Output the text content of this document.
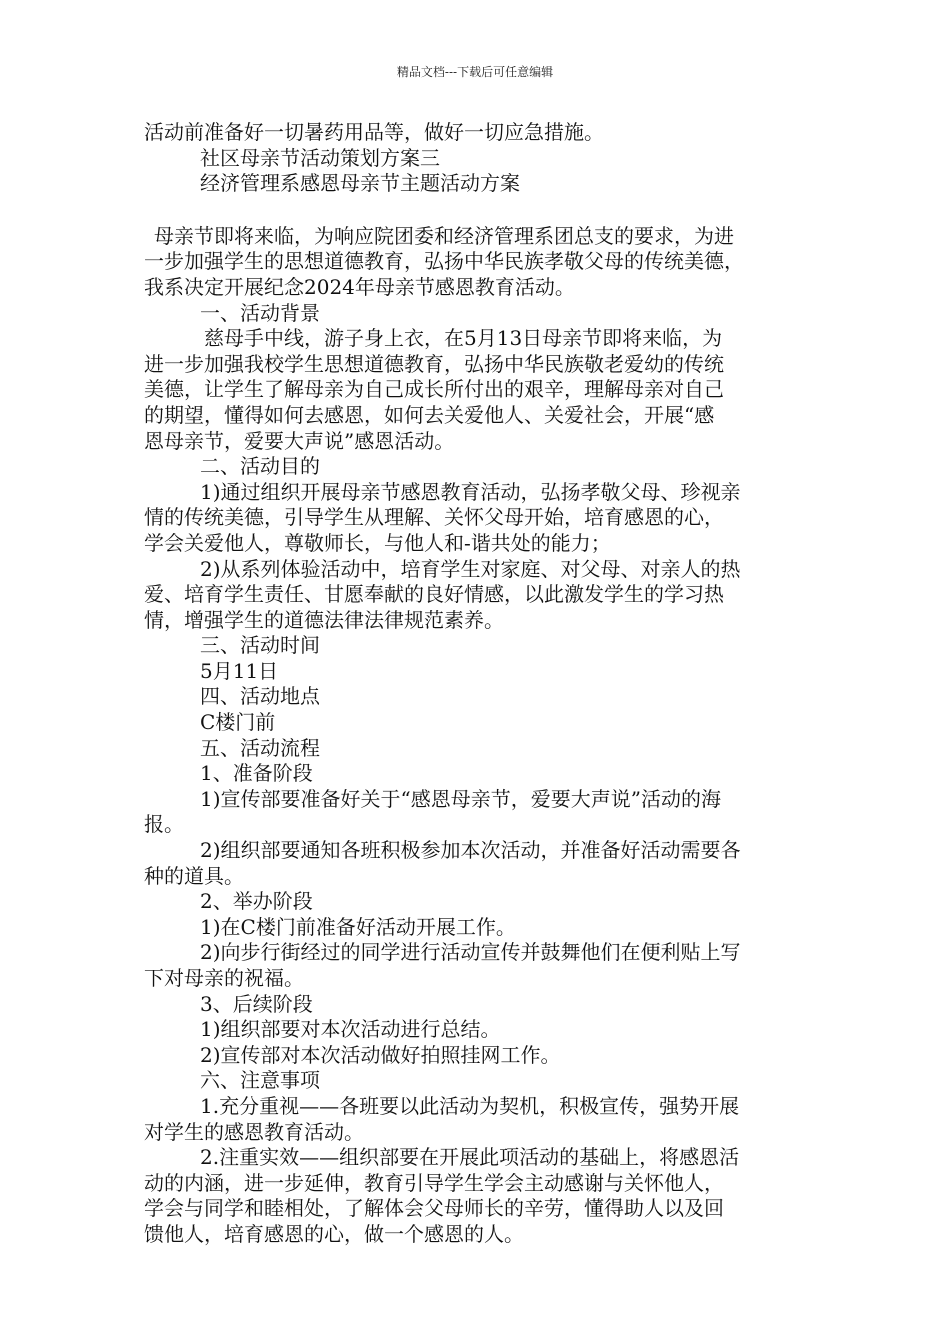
精品文档---下载后可任意编辑
活动前准备好一切暑药用品等，做好一切应急措施。
社区母亲节活动策划方案三
经济管理系感恩母亲节主题活动方案
母亲节即将来临，为响应院团委和经济管理系团总支的要求，为进
一步加强学生的思想道德教育，弘扬中华民族孝敬父母的传统美德，
我系决定开展纪念2024年母亲节感恩教育活动。
一、活动背景
慈母手中线，游子身上衣，在5月13日母亲节即将来临，为
进一步加强我校学生思想道德教育，弘扬中华民族敬老爱幼的传统
美德，让学生了解母亲为自己成长所付出的艰辛，理解母亲对自己
的期望，懂得如何去感恩，如何去关爱他人、关爱社会，开展“感
恩母亲节，爱要大声说”感恩活动。
二、活动目的
1)通过组织开展母亲节感恩教育活动，弘扬孝敬父母、珍视亲
情的传统美德，引导学生从理解、关怀父母开始，培育感恩的心，
学会关爱他人，尊敬师长，与他人和-谐共处的能力；
2)从系列体验活动中，培育学生对家庭、对父母、对亲人的热
爱、培育学生责任、甘愿奉献的良好情感，以此激发学生的学习热
情，增强学生的道德法律法律规范素养。
三、活动时间
5月11日
四、活动地点
C楼门前
五、活动流程
1、准备阶段
1)宣传部要准备好关于“感恩母亲节，爱要大声说”活动的海
报。
2)组织部要通知各班积极参加本次活动，并准备好活动需要各
种的道具。
2、举办阶段
1)在C楼门前准备好活动开展工作。
2)向步行街经过的同学进行活动宣传并鼓舞他们在便利贴上写
下对母亲的祝福。
3、后续阶段
1)组织部要对本次活动进行总结。
2)宣传部对本次活动做好拍照挂网工作。
六、注意事项
1.充分重视——各班要以此活动为契机，积极宣传，强势开展
对学生的感恩教育活动。
2.注重实效——组织部要在开展此项活动的基础上，将感恩活
动的内涵，进一步延伸，教育引导学生学会主动感谢与关怀他人，
学会与同学和睦相处，了解体会父母师长的辛劳，懂得助人以及回
馈他人，培育感恩的心，做一个感恩的人。
